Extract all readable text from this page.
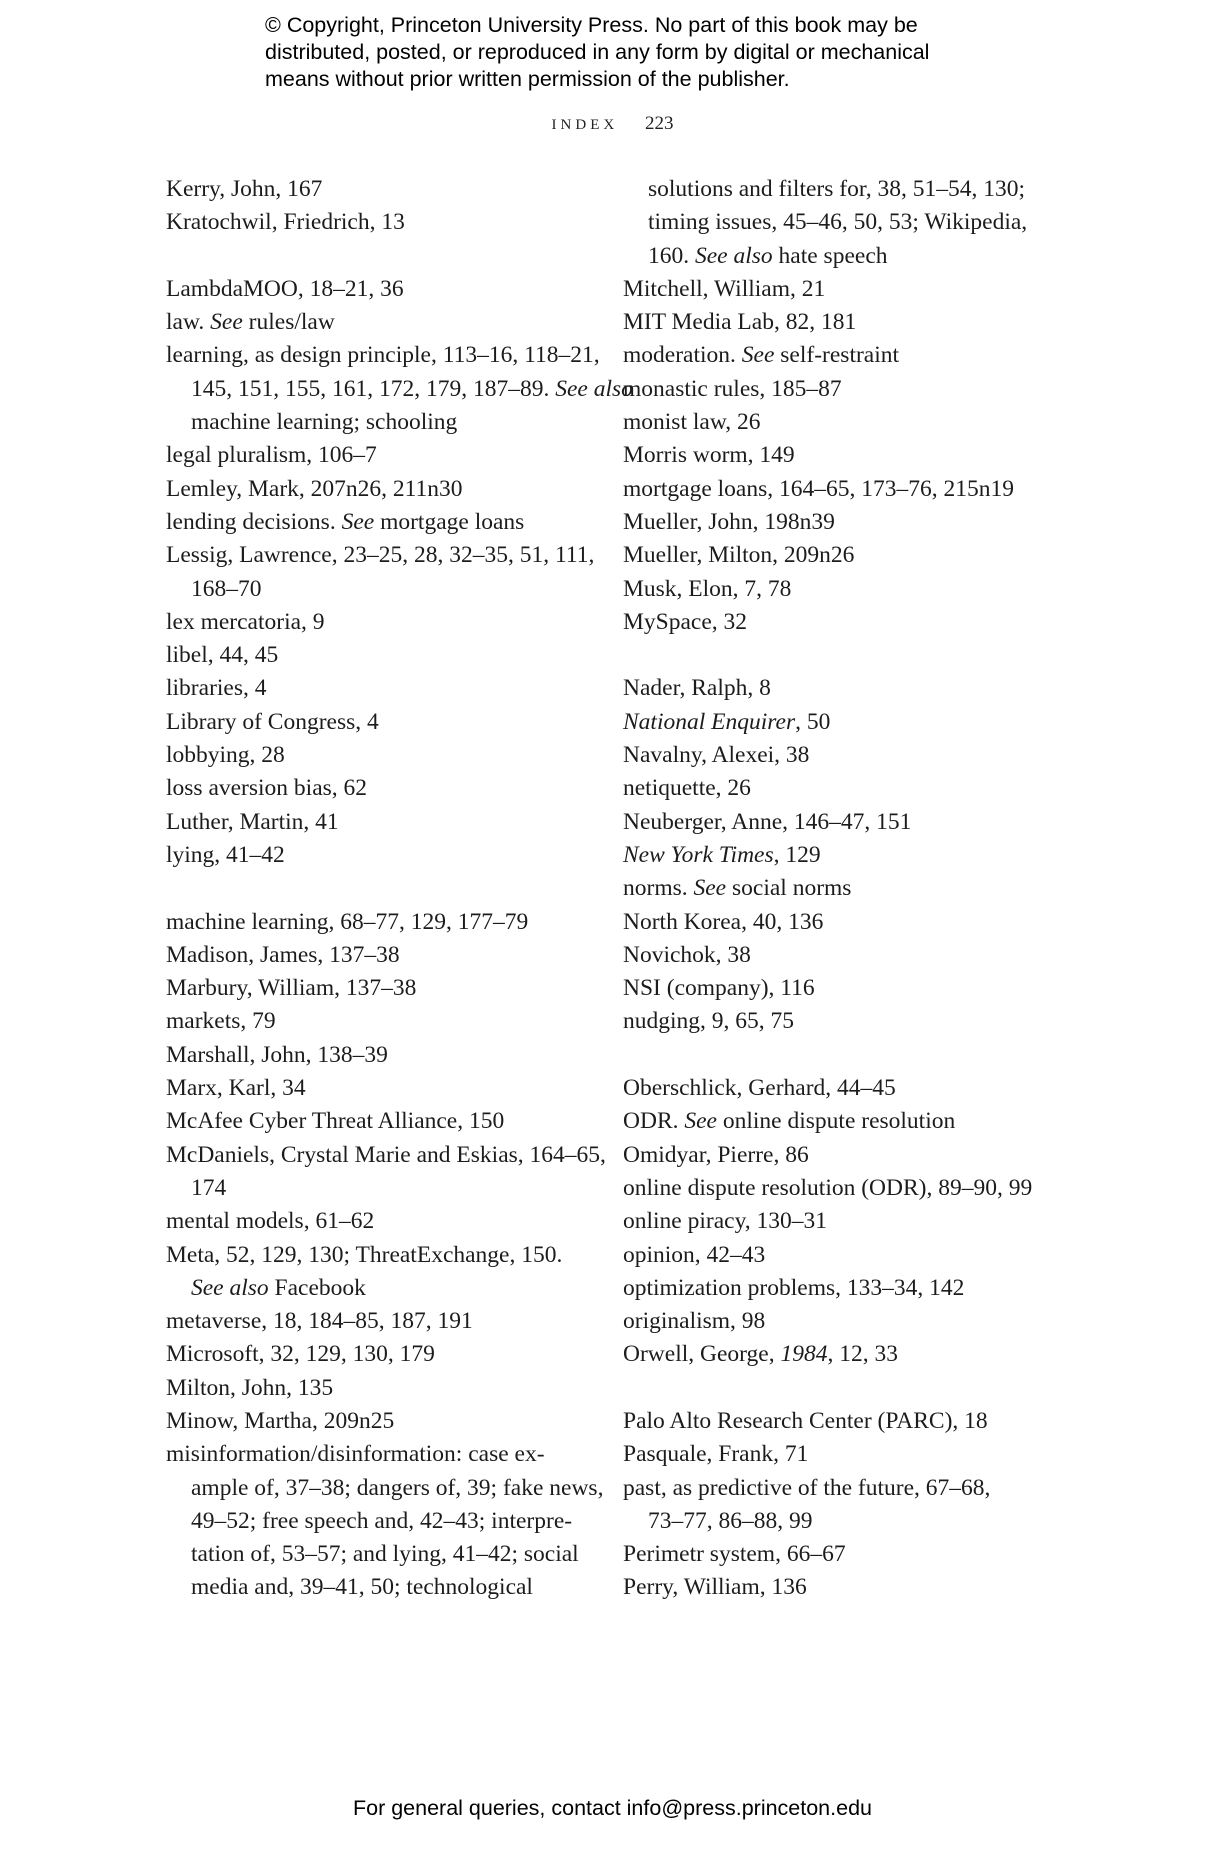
© Copyright, Princeton University Press. No part of this book may be
distributed, posted, or reproduced in any form by digital or mechanical
means without prior written permission of the publisher.
INDEX 223
Kerry, John, 167
Kratochwil, Friedrich, 13
LambdaMOO, 18–21, 36
law. See rules/law
learning, as design principle, 113–16, 118–21,
145, 151, 155, 161, 172, 179, 187–89. See also
machine learning; schooling
legal pluralism, 106–7
Lemley, Mark, 207n26, 211n30
lending decisions. See mortgage loans
Lessig, Lawrence, 23–25, 28, 32–35, 51, 111,
168–70
lex mercatoria, 9
libel, 44, 45
libraries, 4
Library of Congress, 4
lobbying, 28
loss aversion bias, 62
Luther, Martin, 41
lying, 41–42
machine learning, 68–77, 129, 177–79
Madison, James, 137–38
Marbury, William, 137–38
markets, 79
Marshall, John, 138–39
Marx, Karl, 34
McAfee Cyber Threat Alliance, 150
McDaniels, Crystal Marie and Eskias, 164–65,
174
mental models, 61–62
Meta, 52, 129, 130; ThreatExchange, 150.
See also Facebook
metaverse, 18, 184–85, 187, 191
Microsoft, 32, 129, 130, 179
Milton, John, 135
Minow, Martha, 209n25
misinformation/disinformation: case ex-
ample of, 37–38; dangers of, 39; fake news,
49–52; free speech and, 42–43; interpre-
tation of, 53–57; and lying, 41–42; social
media and, 39–41, 50; technological
solutions and filters for, 38, 51–54, 130;
timing issues, 45–46, 50, 53; Wikipedia,
160. See also hate speech
Mitchell, William, 21
MIT Media Lab, 82, 181
moderation. See self-restraint
monastic rules, 185–87
monist law, 26
Morris worm, 149
mortgage loans, 164–65, 173–76, 215n19
Mueller, John, 198n39
Mueller, Milton, 209n26
Musk, Elon, 7, 78
MySpace, 32
Nader, Ralph, 8
National Enquirer, 50
Navalny, Alexei, 38
netiquette, 26
Neuberger, Anne, 146–47, 151
New York Times, 129
norms. See social norms
North Korea, 40, 136
Novichok, 38
NSI (company), 116
nudging, 9, 65, 75
Oberschlick, Gerhard, 44–45
ODR. See online dispute resolution
Omidyar, Pierre, 86
online dispute resolution (ODR), 89–90, 99
online piracy, 130–31
opinion, 42–43
optimization problems, 133–34, 142
originalism, 98
Orwell, George, 1984, 12, 33
Palo Alto Research Center (PARC), 18
Pasquale, Frank, 71
past, as predictive of the future, 67–68,
73–77, 86–88, 99
Perimetr system, 66–67
Perry, William, 136
For general queries, contact info@press.princeton.edu
